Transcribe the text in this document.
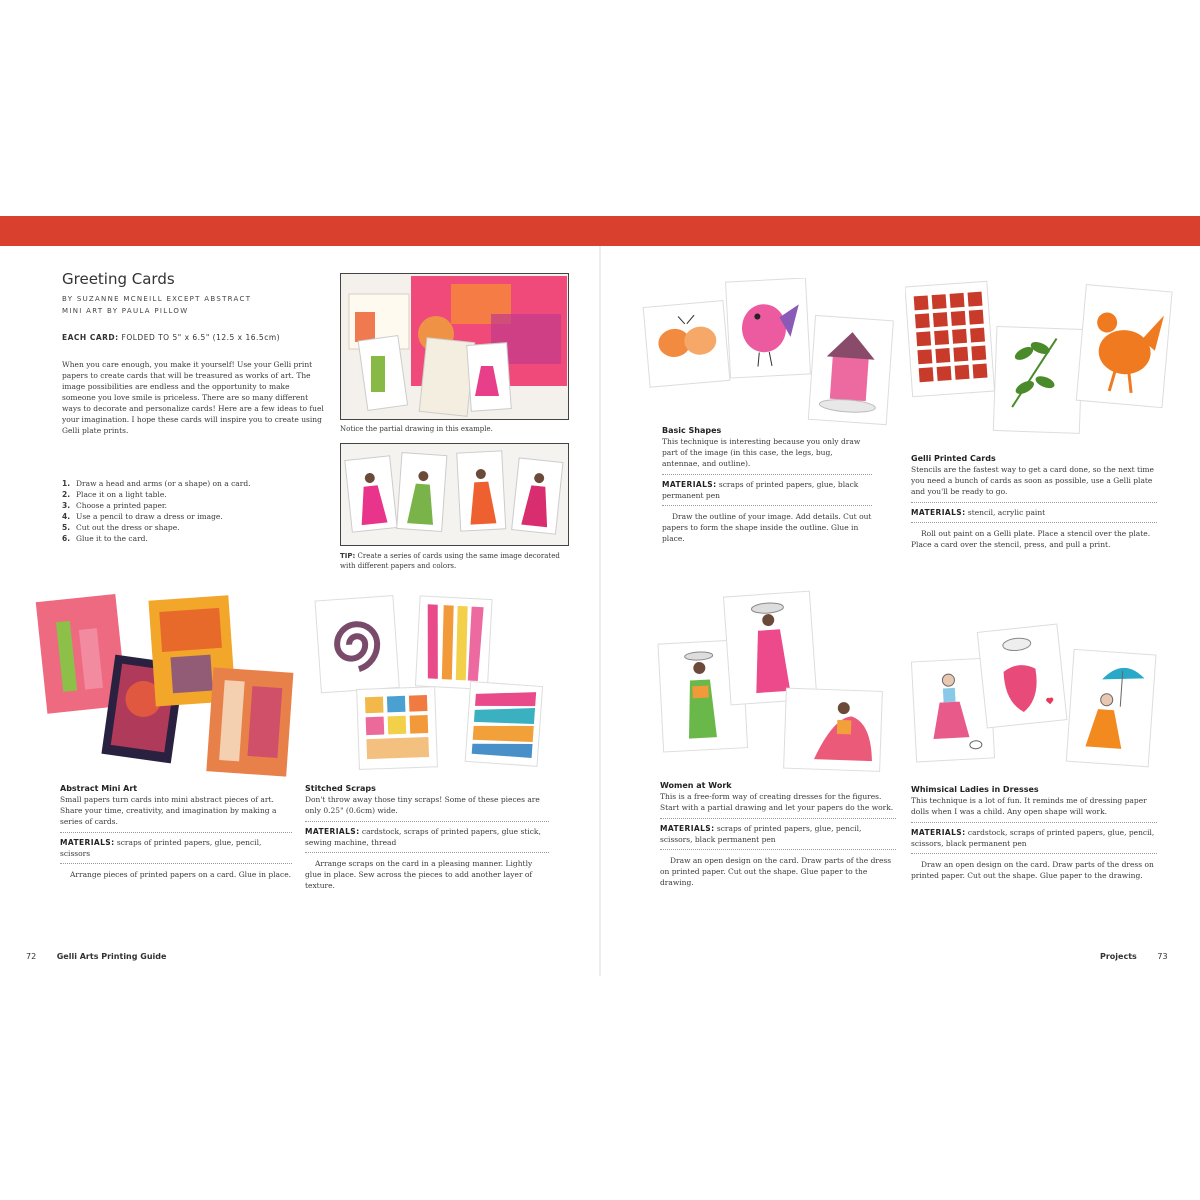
Greeting Cards
BY SUZANNE MCNEILL EXCEPT ABSTRACT
MINI ART BY PAULA PILLOW
EACH CARD: FOLDED TO 5" x 6.5" (12.5 x 16.5cm)
When you care enough, you make it yourself! Use your Gelli print papers to create cards that will be treasured as works of art. The image possibilities are endless and the opportunity to make someone you love smile is priceless. There are so many different ways to decorate and personalize cards! Here are a few ideas to fuel your imagination. I hope these cards will inspire you to create using Gelli plate prints.
1. Draw a head and arms (or a shape) on a card.
2. Place it on a light table.
3. Choose a printed paper.
4. Use a pencil to draw a dress or image.
5. Cut out the dress or shape.
6. Glue it to the card.
Notice the partial drawing in this example.
TIP: Create a series of cards using the same image decorated with different papers and colors.
Abstract Mini Art
Small papers turn cards into mini abstract pieces of art. Share your time, creativity, and imagination by making a series of cards.
MATERIALS: scraps of printed papers, glue, pencil, scissors
Arrange pieces of printed papers on a card. Glue in place.
Stitched Scraps
Don't throw away those tiny scraps! Some of these pieces are only 0.25" (0.6cm) wide.
MATERIALS: cardstock, scraps of printed papers, glue stick, sewing machine, thread
Arrange scraps on the card in a pleasing manner. Lightly glue in place. Sew across the pieces to add another layer of texture.
72	Gelli Arts Printing Guide
Basic Shapes
This technique is interesting because you only draw part of the image (in this case, the legs, bug, antennae, and outline).
MATERIALS: scraps of printed papers, glue, black permanent pen
Draw the outline of your image. Add details. Cut out papers to form the shape inside the outline. Glue in place.
Gelli Printed Cards
Stencils are the fastest way to get a card done, so the next time you need a bunch of cards as soon as possible, use a Gelli plate and you'll be ready to go.
MATERIALS: stencil, acrylic paint
Roll out paint on a Gelli plate. Place a stencil over the plate. Place a card over the stencil, press, and pull a print.
Women at Work
This is a free-form way of creating dresses for the figures. Start with a partial drawing and let your papers do the work.
MATERIALS: scraps of printed papers, glue, pencil, scissors, black permanent pen
Draw an open design on the card. Draw parts of the dress on printed paper. Cut out the shape. Glue paper to the drawing.
Whimsical Ladies in Dresses
This technique is a lot of fun. It reminds me of dressing paper dolls when I was a child. Any open shape will work.
MATERIALS: cardstock, scraps of printed papers, glue, pencil, scissors, black permanent pen
Draw an open design on the card. Draw parts of the dress on printed paper. Cut out the shape. Glue paper to the drawing.
Projects	73
